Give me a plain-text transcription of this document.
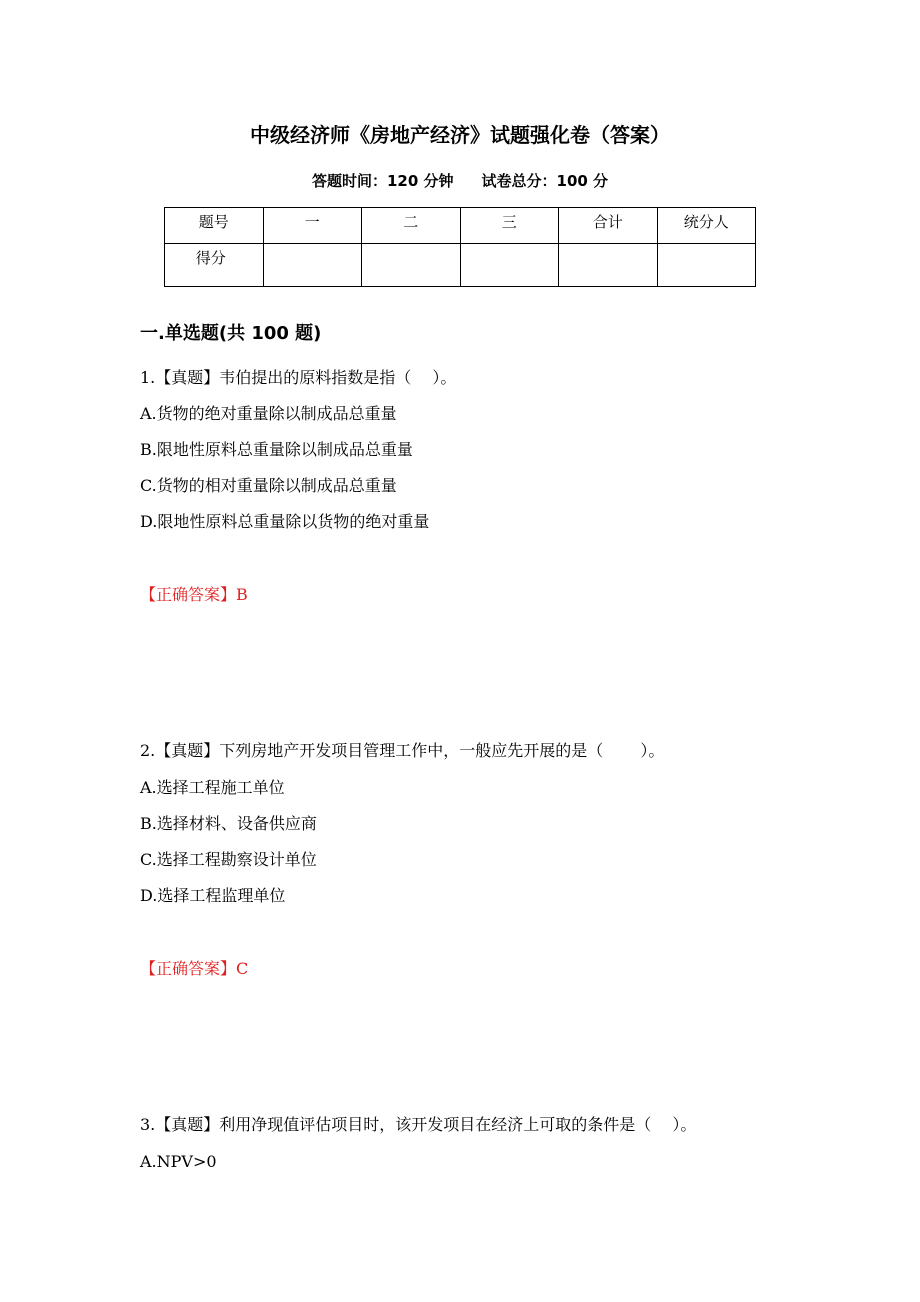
中级经济师《房地产经济》试题强化卷（答案）
答题时间：120 分钟 试卷总分：100 分
题号	一	二	三	合计	统分人
得分					
一.单选题(共 100 题)
1.【真题】韦伯提出的原料指数是指（　 ）。
A.货物的绝对重量除以制成品总重量
B.限地性原料总重量除以制成品总重量
C.货物的相对重量除以制成品总重量
D.限地性原料总重量除以货物的绝对重量
【正确答案】B
2.【真题】下列房地产开发项目管理工作中，一般应先开展的是（　　 ）。
A.选择工程施工单位
B.选择材料、设备供应商
C.选择工程勘察设计单位
D.选择工程监理单位
【正确答案】C
3.【真题】利用净现值评估项目时，该开发项目在经济上可取的条件是（　 ）。
A.NPV>0
